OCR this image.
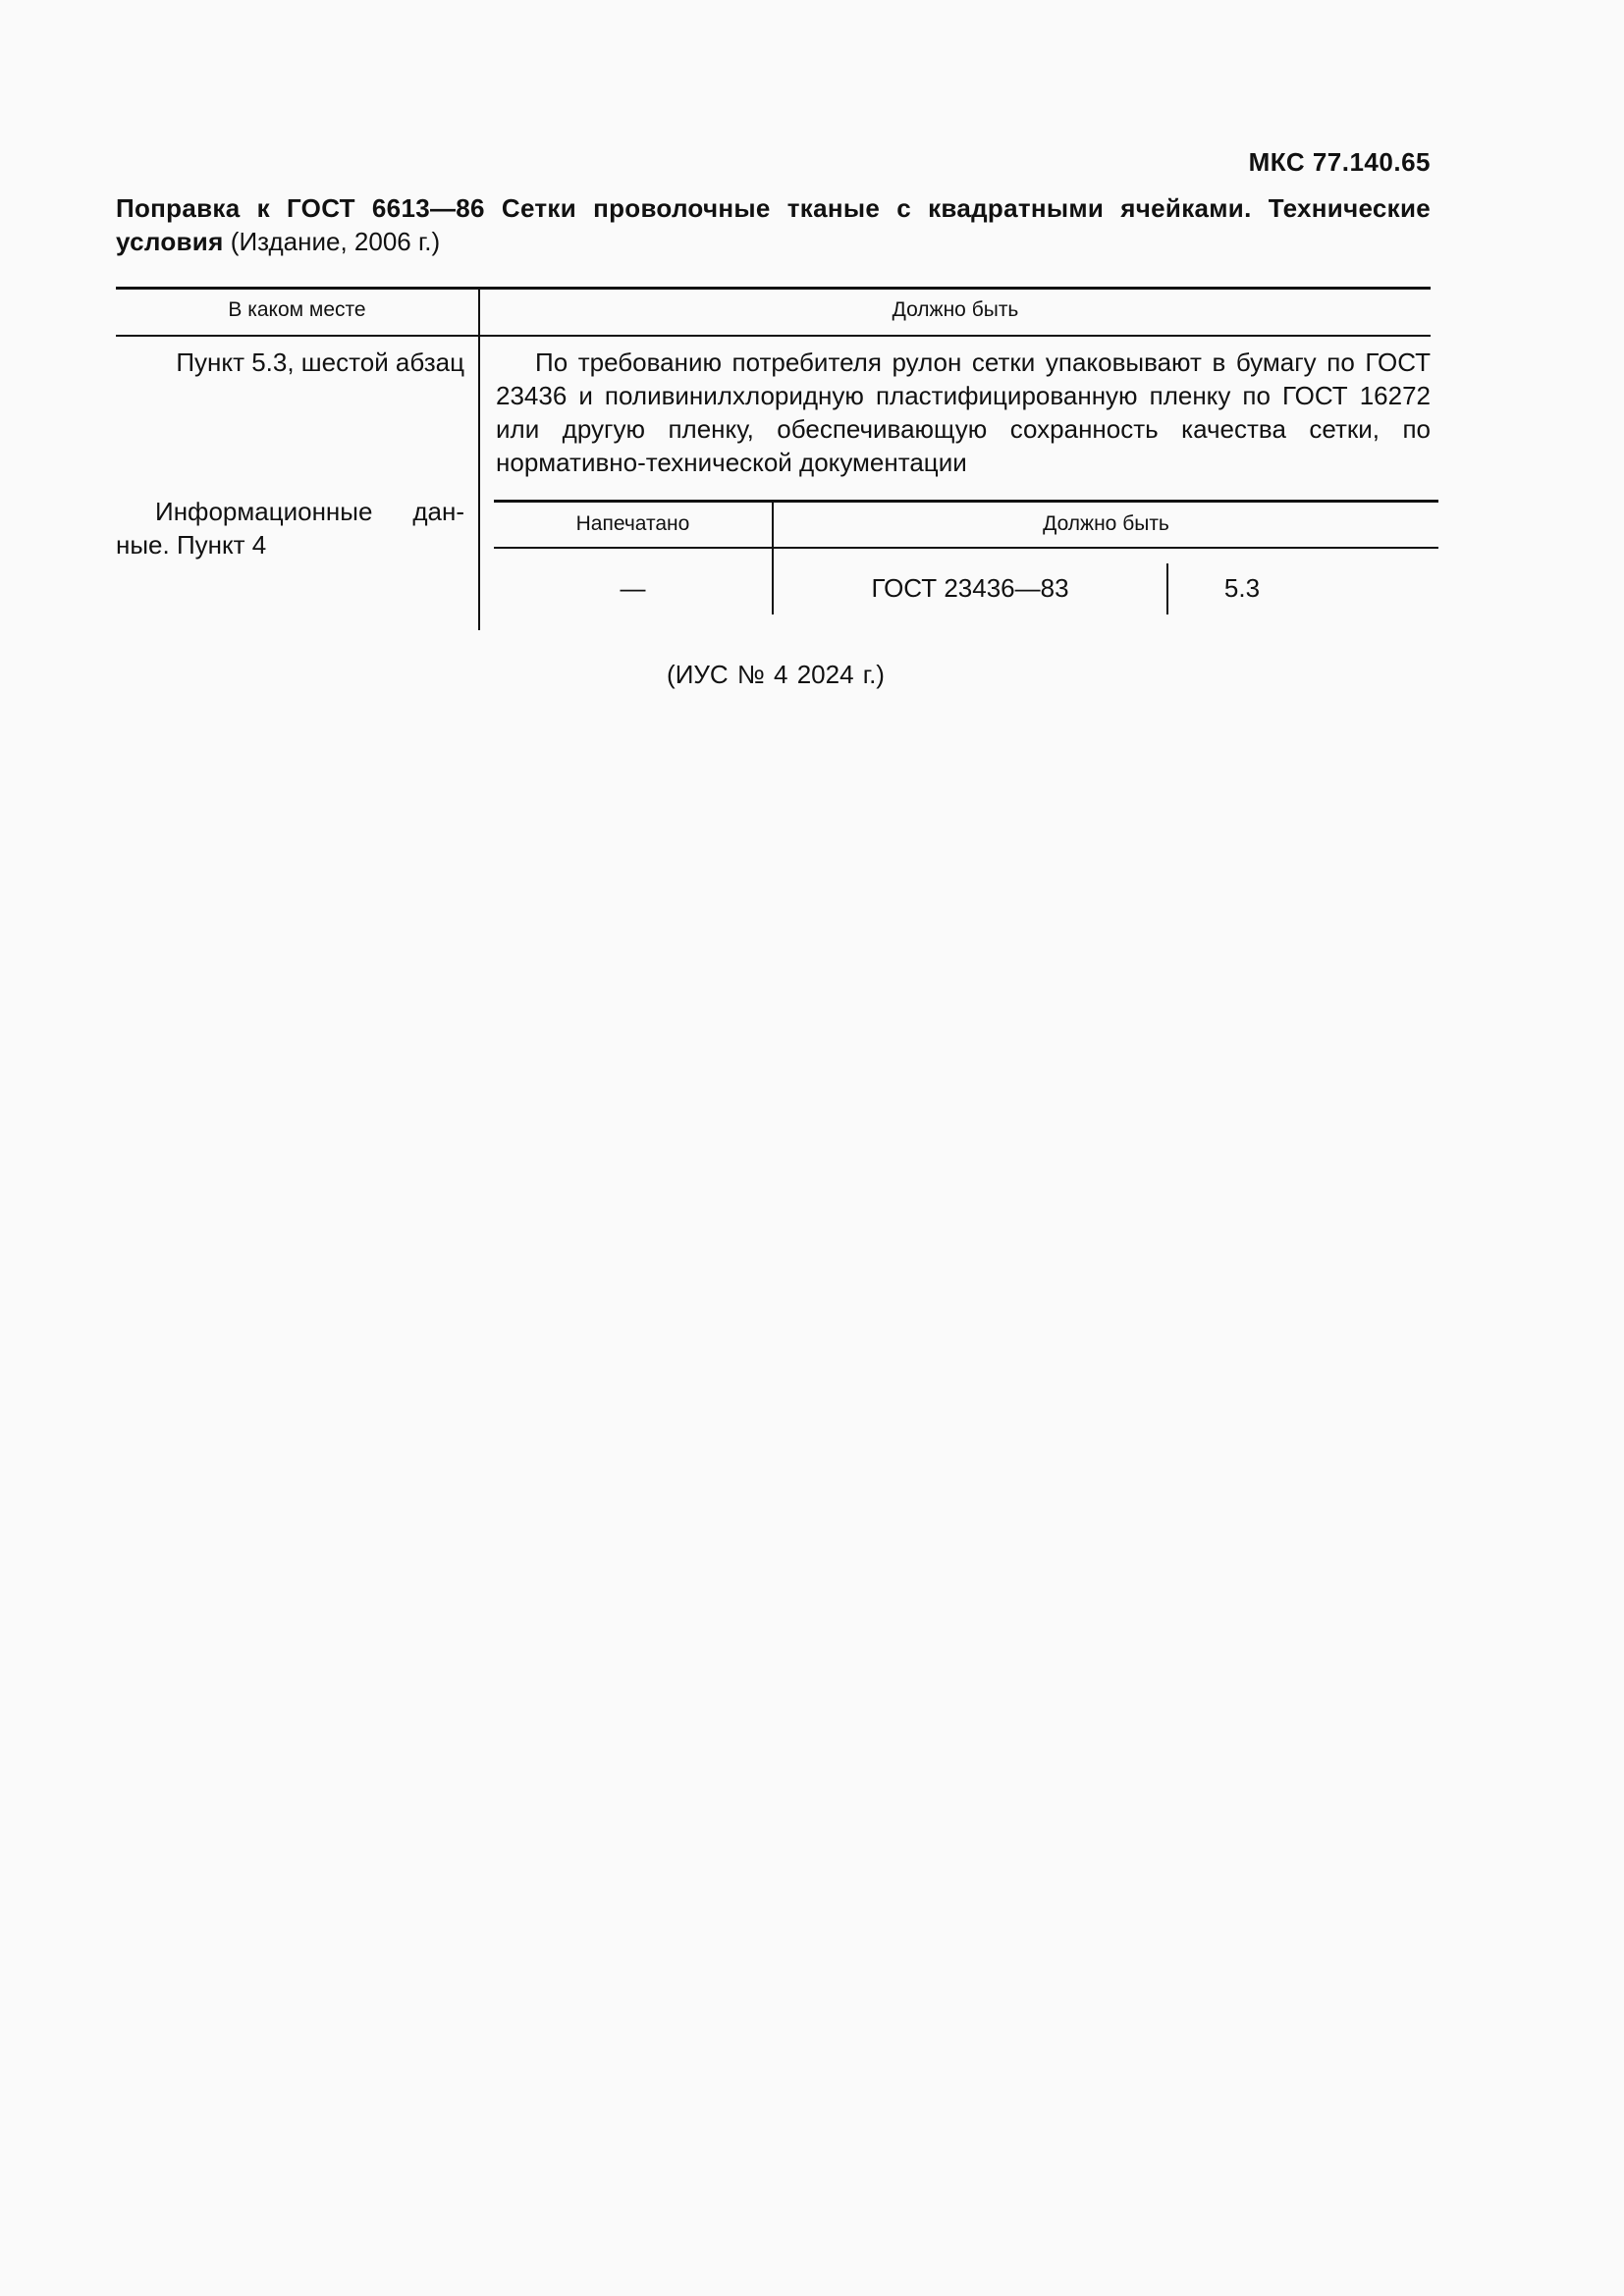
МКС 77.140.65
Поправка к ГОСТ 6613—86 Сетки проволочные тканые с квадратными ячейками. Технические условия (Издание, 2006 г.)
В каком месте	Должно быть
Пункт 5.3, шестой абзац	По требованию потребителя рулон сетки упаковывают в бумагу по ГОСТ 23436 и поливинилхлоридную пластифицированную пленку по ГОСТ 16272 или другую пленку, обеспечивающую сохранность качества сетки, по нормативно-технической документации
Информационные дан-ные. Пункт 4
Напечатано	Должно быть
—	ГОСТ 23436—83	5.3
(ИУС № 4 2024 г.)
